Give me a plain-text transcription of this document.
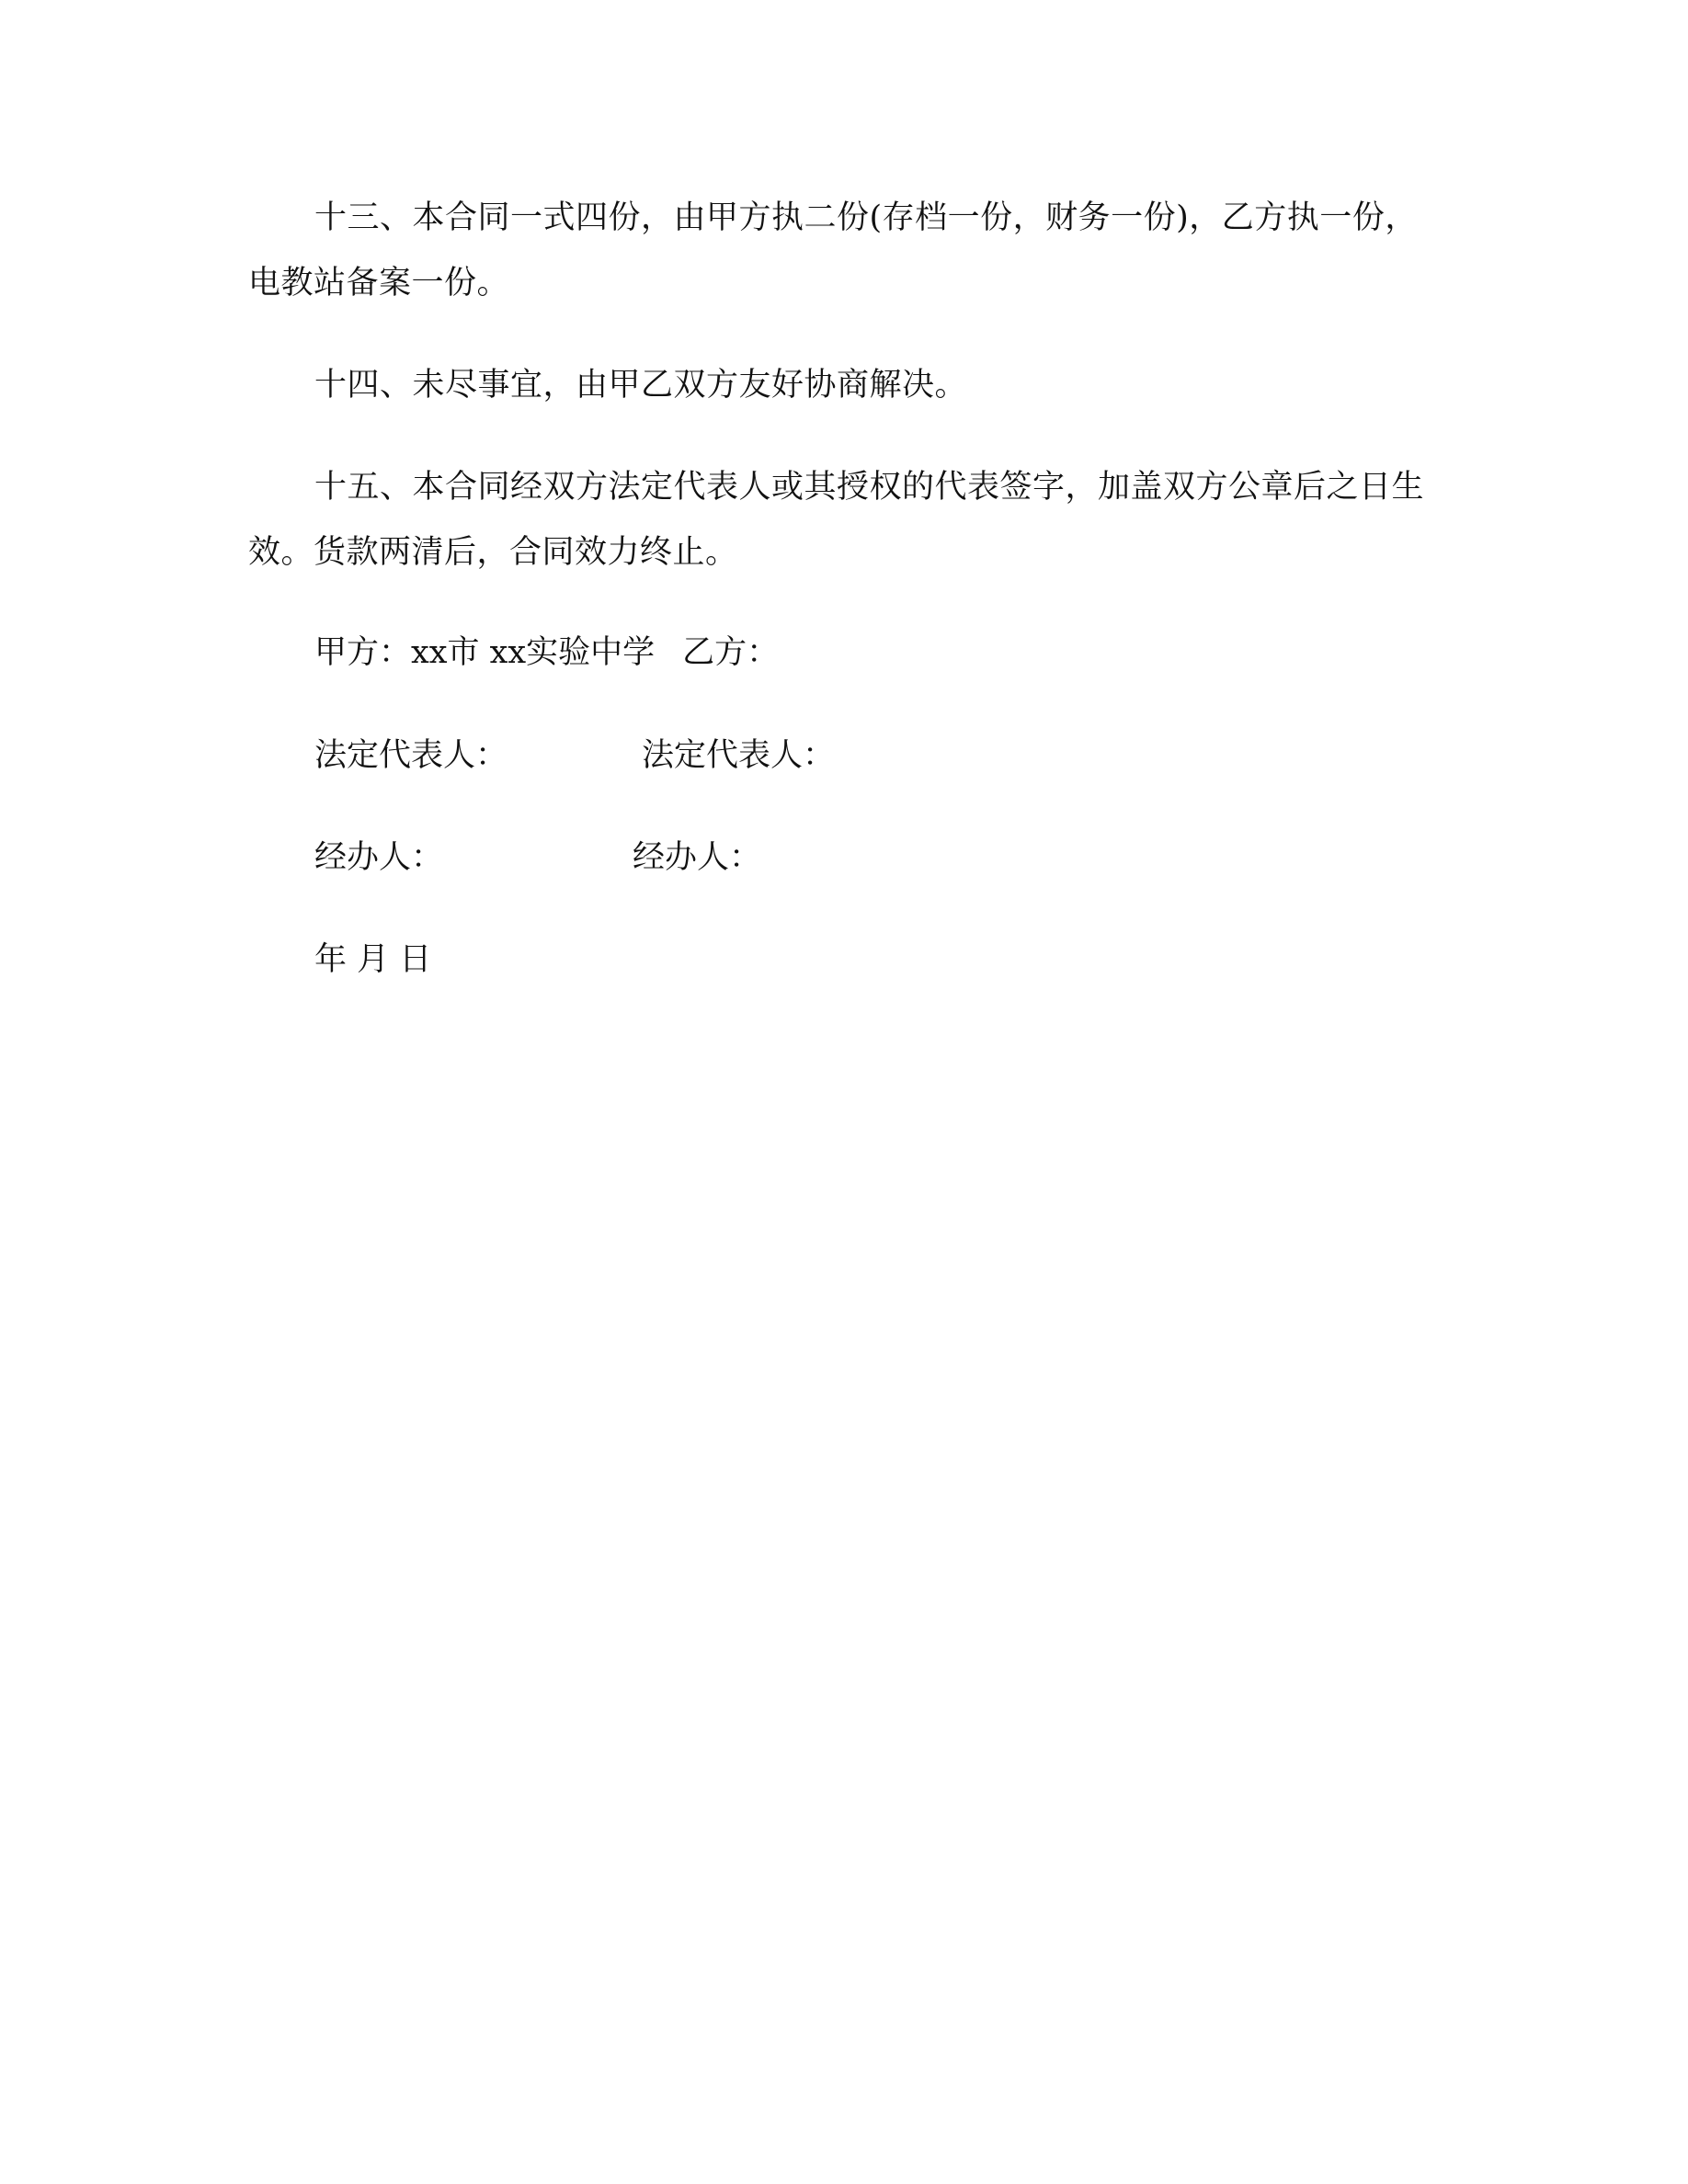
十三、本合同一式四份，由甲方执二份(存档一份，财务一份)，乙方执一份，
电教站备案一份。
十四、未尽事宜，由甲乙双方友好协商解决。
十五、本合同经双方法定代表人或其授权的代表签字，加盖双方公章后之日生
效。货款两清后，合同效力终止。
甲方：xx市 xx实验中学 乙方：
法定代表人：	法定代表人：
经办人：	经办人：
年 月 日
